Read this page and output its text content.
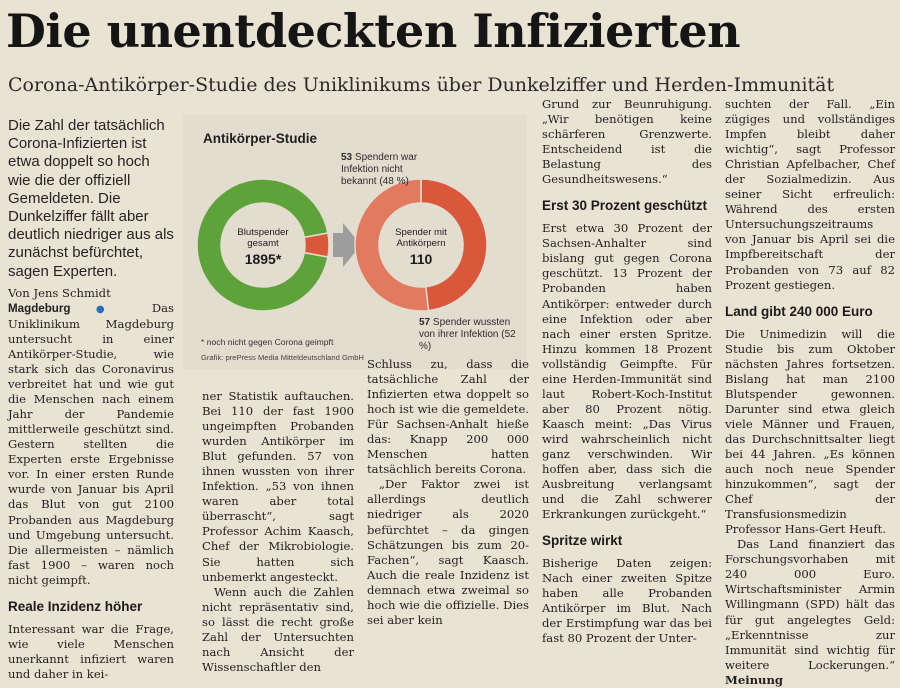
Die unentdeckten Infizierten
Corona-Antikörper-Studie des Uniklinikums über Dunkelziffer und Herden-Immunität

Die Zahl der tatsächlich Corona-Infizierten ist etwa doppelt so hoch wie die der offiziell Gemeldeten. Die Dunkelziffer fällt aber deutlich niedriger aus als zunächst befürchtet, sagen Experten.

Von Jens Schmidt

Magdeburg	● Das Uniklinikum Magdeburg untersucht in einer Antikörper-Studie, wie stark sich das Coronavirus verbreitet hat und wie gut die Menschen nach einem Jahr der Pandemie mittlerweile geschützt sind. Gestern stellten die Experten erste Ergebnisse vor. In einer ersten Runde wurde von Januar bis April das Blut von gut 2100 Probanden aus Magdeburg und Umgebung untersucht. Die allermeisten – nämlich fast 1900 – waren noch nicht geimpft.

Reale Inzidenz höher

Interessant war die Frage, wie viele Menschen unerkannt infiziert waren und daher in kei-

Antikörper-Studie

Blutspender gesamt
1895*
Spender mit Antikörpern
110
53 Spendern war Infektion nicht bekannt (48 %)
57 Spender wussten von ihrer Infektion (52 %)
* noch nicht gegen Corona geimpft
Grafik: prePress Media Mitteldeutschland GmbH

ner Statistik auftauchen. Bei 110 der fast 1900 ungeimpften Probanden wurden Antikörper im Blut gefunden. 57 von ihnen wussten von ihrer Infektion. „53 von ihnen waren aber total überrascht“, sagt Professor Achim Kaasch, Chef der Mikrobiologie. Sie hatten sich unbemerkt angesteckt.

Wenn auch die Zahlen nicht repräsentativ sind, so lässt die recht große Zahl der Untersuchten nach Ansicht der Wissenschaftler den

Schluss zu, dass die tatsächliche Zahl der Infizierten etwa doppelt so hoch ist wie die gemeldete. Für Sachsen-Anhalt hieße das: Knapp 200 000 Menschen hatten tatsächlich bereits Corona.

„Der Faktor zwei ist allerdings deutlich niedriger als 2020 befürchtet – da gingen Schätzungen bis zum 20-Fachen“, sagt Kaasch. Auch die reale Inzidenz ist demnach etwa zweimal so hoch wie die offizielle. Dies sei aber kein

Grund zur Beunruhigung. „Wir benötigen keine schärferen Grenzwerte. Entscheidend ist die Belastung des Gesundheitswesens.“

Erst 30 Prozent geschützt

Erst etwa 30 Prozent der Sachsen-Anhalter sind bislang gut gegen Corona geschützt. 13 Prozent der Probanden haben Antikörper: entweder durch eine Infektion oder aber nach einer ersten Spritze. Hinzu kommen 18 Prozent vollständig Geimpfte. Für eine Herden-Immunität sind laut Robert-Koch-Institut aber 80 Prozent nötig. Kaasch meint: „Das Virus wird wahrscheinlich nicht ganz verschwinden. Wir hoffen aber, dass sich die Ausbreitung verlangsamt und die Zahl schwerer Erkrankungen zurückgeht.“

Spritze wirkt

Bisherige Daten zeigen: Nach einer zweiten Spitze haben alle Probanden Antikörper im Blut. Nach der Erstimpfung war das bei fast 80 Prozent der Unter-

suchten der Fall. „Ein zügiges und vollständiges Impfen bleibt daher wichtig“, sagt Professor Christian Apfelbacher, Chef der Sozialmedizin. Aus seiner Sicht erfreulich: Während des ersten Untersuchungszeitraums von Januar bis April sei die Impfbereitschaft der Probanden von 73 auf 82 Prozent gestiegen.

Land gibt 240 000 Euro

Die Unimedizin will die Studie bis zum Oktober nächsten Jahres fortsetzen. Bislang hat man 2100 Blutspender gewonnen. Darunter sind etwa gleich viele Männer und Frauen, das Durchschnittsalter liegt bei 44 Jahren. „Es können auch noch neue Spender hinzukommen“, sagt der Chef der Transfusionsmedizin Professor Hans-Gert Heuft.

Das Land finanziert das Forschungsvorhaben mit 240 000 Euro. Wirtschaftsminister Armin Willingmann (SPD) hält das für gut angelegtes Geld: „Erkenntnisse zur Immunität sind wichtig für weitere Lockerungen.“ Meinung
